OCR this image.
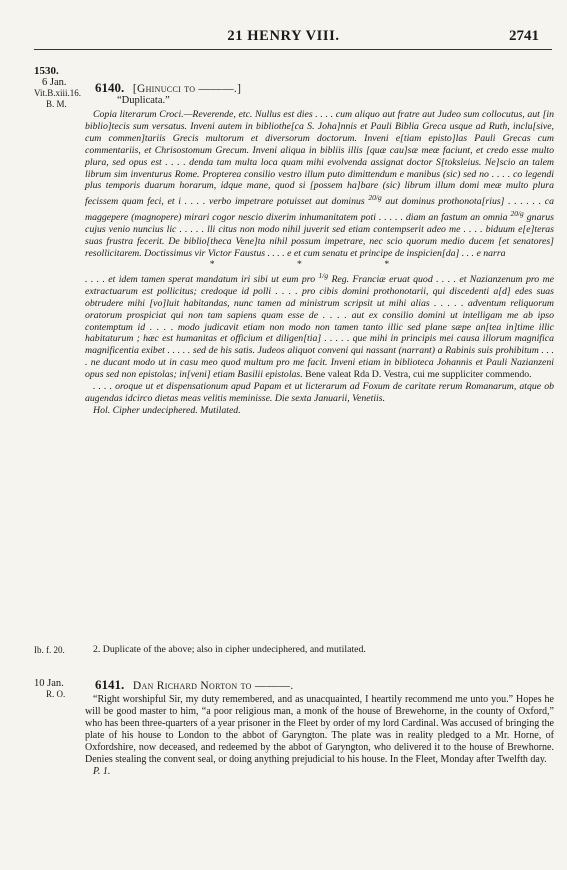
21 HENRY VIII.	2741
1530.
6 Jan.
Vit.B.xiii.16.
B. M.
6140. [Ghinucci to ———.]
“Duplicata.”

Copia literarum Croci.—Reverende, etc. Nullus est dies . . . . cum aliquo aut fratre aut Judeo sum collocutus, aut [in biblio]tecis sum versatus. Inveni autem in bibliothe[ca S. Joha]nnis et Pauli Biblia Greca usque ad Ruth, inclu[sive, cum commen]tariis Grecis multorum et diversorum doctorum. Inveni e[tiam episto]las Pauli Grecas cum commentariis, et Chrisostomum Grecum. Inveni aliqua in bibliis illis [quæ cau]sæ meæ faciunt, et credo esse multo plura, sed opus est . . . . denda tam multa loca quam mihi evolvenda assignat doctor S[toksleius. Ne]scio an talem librum sim inventurus Rome. Propterea consilio vestro illum puto dimittendum e manibus (sic) sed no . . . . co legendi plus temporis duarum horarum, idque mane, quod si [possem ha]bare (sic) librum illum domi meæ multo plura fecissem quam feci, et i . . . . verbo impetrare potuisset aut dominus $^{20/g}$ aut dominus prothonota[rius] . . . . . . ca maggepere (magnopere) mirari cogor nescio dixerim inhumanitatem poti . . . . . diam an fastum an omnia $^{20/g}$ gnarus cujus venio nuncius lic . . . . . lli citus non modo nihil juverit sed etiam contempserit adeo me . . . . biduum e[e]teras suas frustra fecerit. De biblio[theca Vene]ta nihil possum impetrare, nec scio quorum medio ducem [et senatores] resollicitarem. Doctissimus vir Victor Faustus . . . . e et cum senatu et principe de inspicien[da] . . . e narra

* * *

. . . . et idem tamen sperat mandatum iri sibi ut eum pro $^{1/g}$ Reg. Franciæ eruat quod . . . . et Nazianzenum pro me extractuarum est pollicitus; credoque id polli . . . . pro cibis domini prothonotarii, qui discedenti a[d] edes suas obtrudere mihi [vo]luit habitandas, nunc tamen ad ministrum scripsit ut mihi alias . . . . . adventum reliquorum oratorum prospiciat qui non tam sapiens quam esse de . . . . aut ex consilio domini ut intelligam me ab ipso contemptum id . . . . modo judicavit etiam non modo non tamen tanto illic sed plane sæpe an[tea in]time illic habitaturum ; hæc est humanitas et officium et diligen[tia] . . . . . que mihi in principis mei causa illorum magnifica magnificentia exibet . . . . . sed de his satis. Judeos aliquot conveni qui nassant (narrant) a Rabinis suis prohibitum . . . . ne ducant modo ut in casu meo quod multum pro me facit. Inveni etiam in biblioteca Johannis et Pauli Nazianzeni opus sed non epistolas; in[veni] etiam Basilii epistolas. Bene valeat Rda D. Vestra, cui me suppliciter commendo.

. . . . oroque ut et dispensationum apud Papam et ut licterarum ad Foxum de caritate rerum Romanarum, atque ob augendas idcirco dietas meas velitis meminisse. Die sexta Januarii, Venetiis.

Hol. Cipher undeciphered. Mutilated.

Ib. f. 20.	2. Duplicate of the above; also in cipher undeciphered, and mutilated.

10 Jan.
R. O.
6141. Dan Richard Norton to ———.

“Right worshipful Sir, my duty remembered, and as unacquainted, I heartily recommend me unto you.” Hopes he will be good master to him, “a poor religious man, a monk of the house of Brewehorne, in the county of Oxford,” who has been three-quarters of a year prisoner in the Fleet by order of my lord Cardinal. Was accused of bringing the plate of his house to London to the abbot of Garyngton. The plate was in reality pledged to a Mr. Horne, of Oxfordshire, now deceased, and redeemed by the abbot of Garyngton, who delivered it to the house of Brewhorne. Denies stealing the convent seal, or doing anything prejudicial to his house. In the Fleet, Monday after Twelfth day.

P. 1.
